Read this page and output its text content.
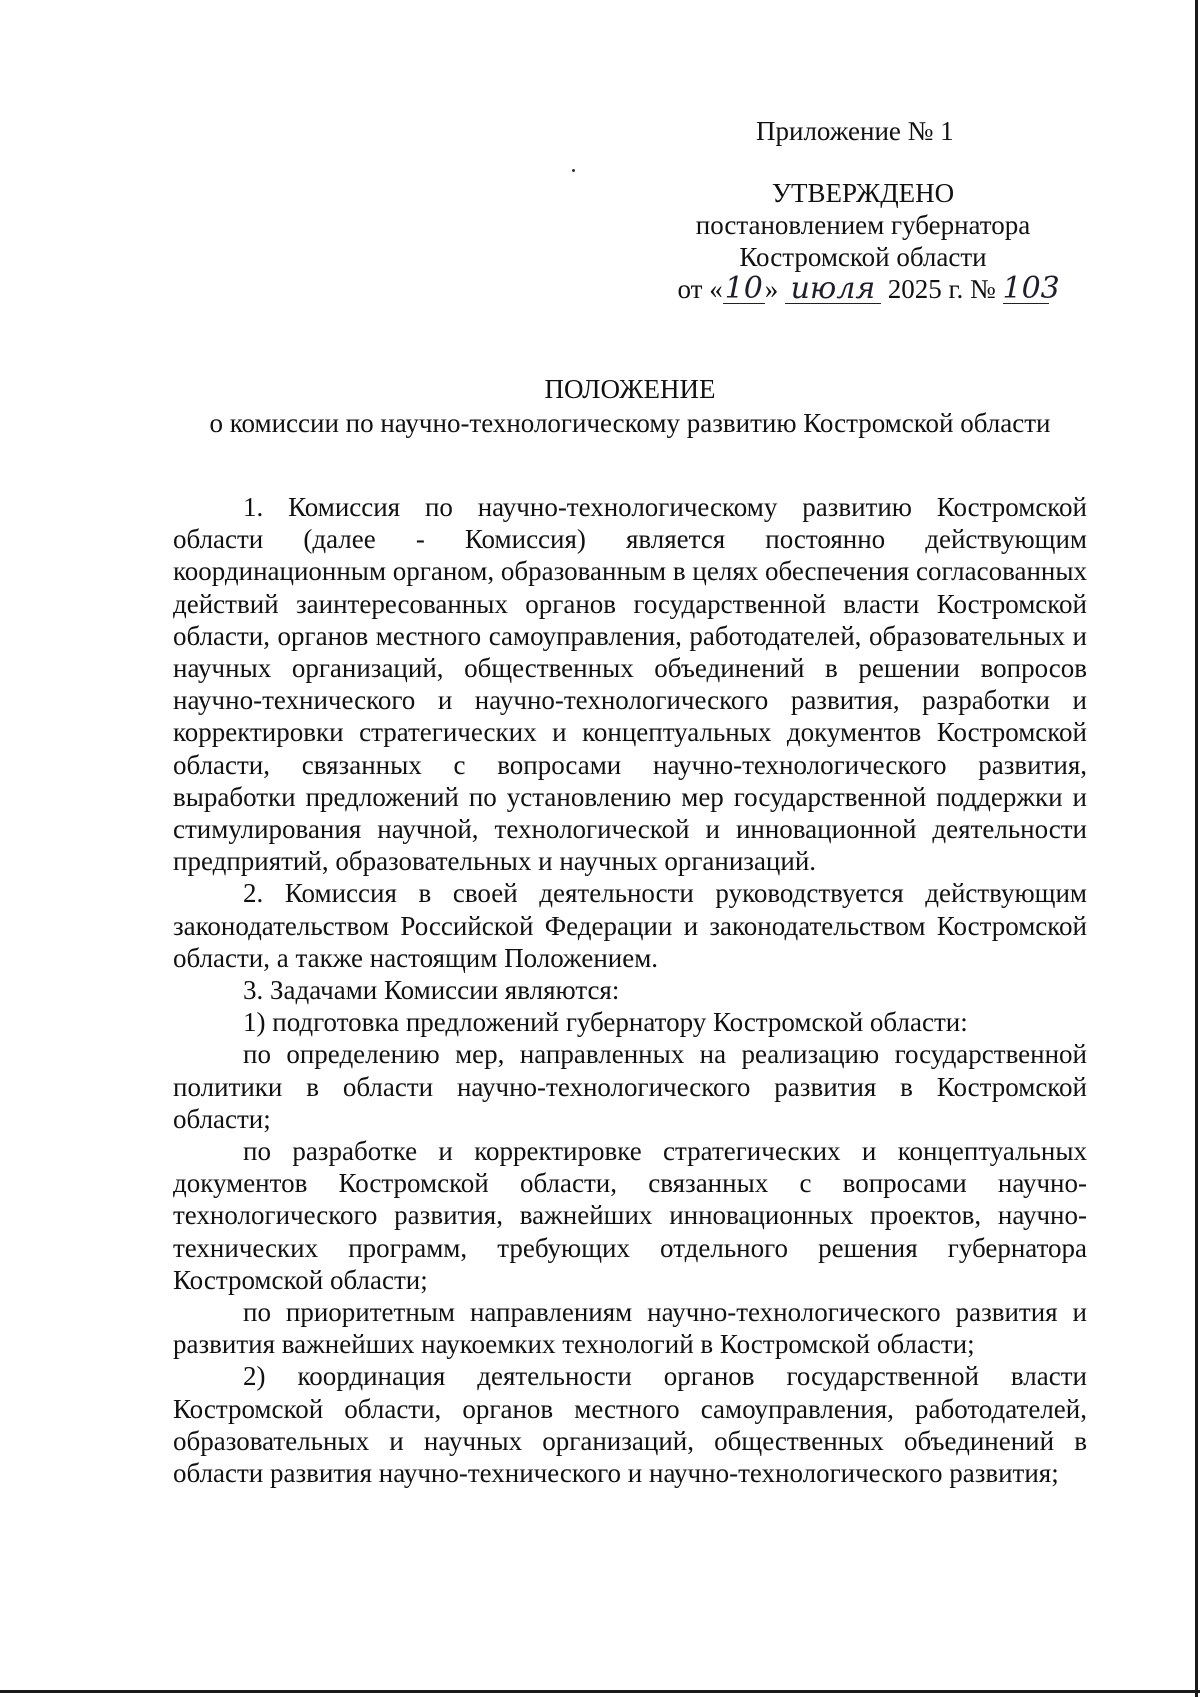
Приложение № 1
УТВЕРЖДЕНО
постановлением губернатора
Костромской области
от «10» июля 2025 г. № 103
ПОЛОЖЕНИЕ
о комиссии по научно-технологическому развитию Костромской области

1. Комиссия по научно-технологическому развитию Костромской области (далее - Комиссия) является постоянно действующим координационным органом, образованным в целях обеспечения согласованных действий заинтересованных органов государственной власти Костромской области, органов местного самоуправления, работодателей, образовательных и научных организаций, общественных объединений в решении вопросов научно-технического и научно-технологического развития, разработки и корректировки стратегических и концептуальных документов Костромской области, связанных с вопросами научно-технологического развития, выработки предложений по установлению мер государственной поддержки и стимулирования научной, технологической и инновационной деятельности предприятий, образовательных и научных организаций.

2. Комиссия в своей деятельности руководствуется действующим законодательством Российской Федерации и законодательством Костромской области, а также настоящим Положением.

3. Задачами Комиссии являются:

1) подготовка предложений губернатору Костромской области:

по определению мер, направленных на реализацию государственной политики в области научно-технологического развития в Костромской области;

по разработке и корректировке стратегических и концептуальных документов Костромской области, связанных с вопросами научно-технологического развития, важнейших инновационных проектов, научно-технических программ, требующих отдельного решения губернатора Костромской области;

по приоритетным направлениям научно-технологического развития и развития важнейших наукоемких технологий в Костромской области;

2) координация деятельности органов государственной власти Костромской области, органов местного самоуправления, работодателей, образовательных и научных организаций, общественных объединений в области развития научно-технического и научно-технологического развития;
